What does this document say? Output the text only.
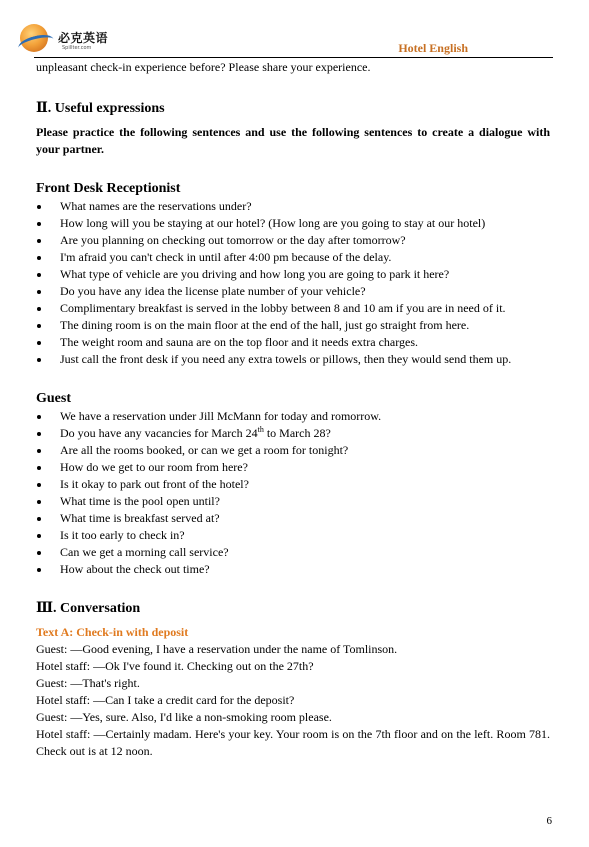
必克英语
Spillter.com	Hotel English

unpleasant check-in experience before? Please share your experience.

Ⅱ. Useful expressions

Please practice the following sentences and use the following sentences to create a dialogue with your partner.

Front Desk Receptionist
What names are the reservations under?
How long will you be staying at our hotel? (How long are you going to stay at our hotel)
Are you planning on checking out tomorrow or the day after tomorrow?
I'm afraid you can't check in until after 4:00 pm because of the delay.
What type of vehicle are you driving and how long you are going to park it here?
Do you have any idea the license plate number of your vehicle?
Complimentary breakfast is served in the lobby between 8 and 10 am if you are in need of it.
The dining room is on the main floor at the end of the hall, just go straight from here.
The weight room and sauna are on the top floor and it needs extra charges.
Just call the front desk if you need any extra towels or pillows, then they would send them up.
Guest
We have a reservation under Jill McMann for today and romorrow.
Do you have any vacancies for March 24th to March 28?
Are all the rooms booked, or can we get a room for tonight?
How do we get to our room from here?
Is it okay to park out front of the hotel?
What time is the pool open until?
What time is breakfast served at?
Is it too early to check in?
Can we get a morning call service?
How about the check out time?
Ⅲ. Conversation

Text A: Check-in with deposit

Guest: —Good evening, I have a reservation under the name of Tomlinson.

Hotel staff: —Ok I've found it. Checking out on the 27th?

Guest: —That's right.

Hotel staff: —Can I take a credit card for the deposit?

Guest: —Yes, sure. Also, I'd like a non-smoking room please.

Hotel staff: —Certainly madam. Here's your key. Your room is on the 7th floor and on the left. Room 781. Check out is at 12 noon.

6
